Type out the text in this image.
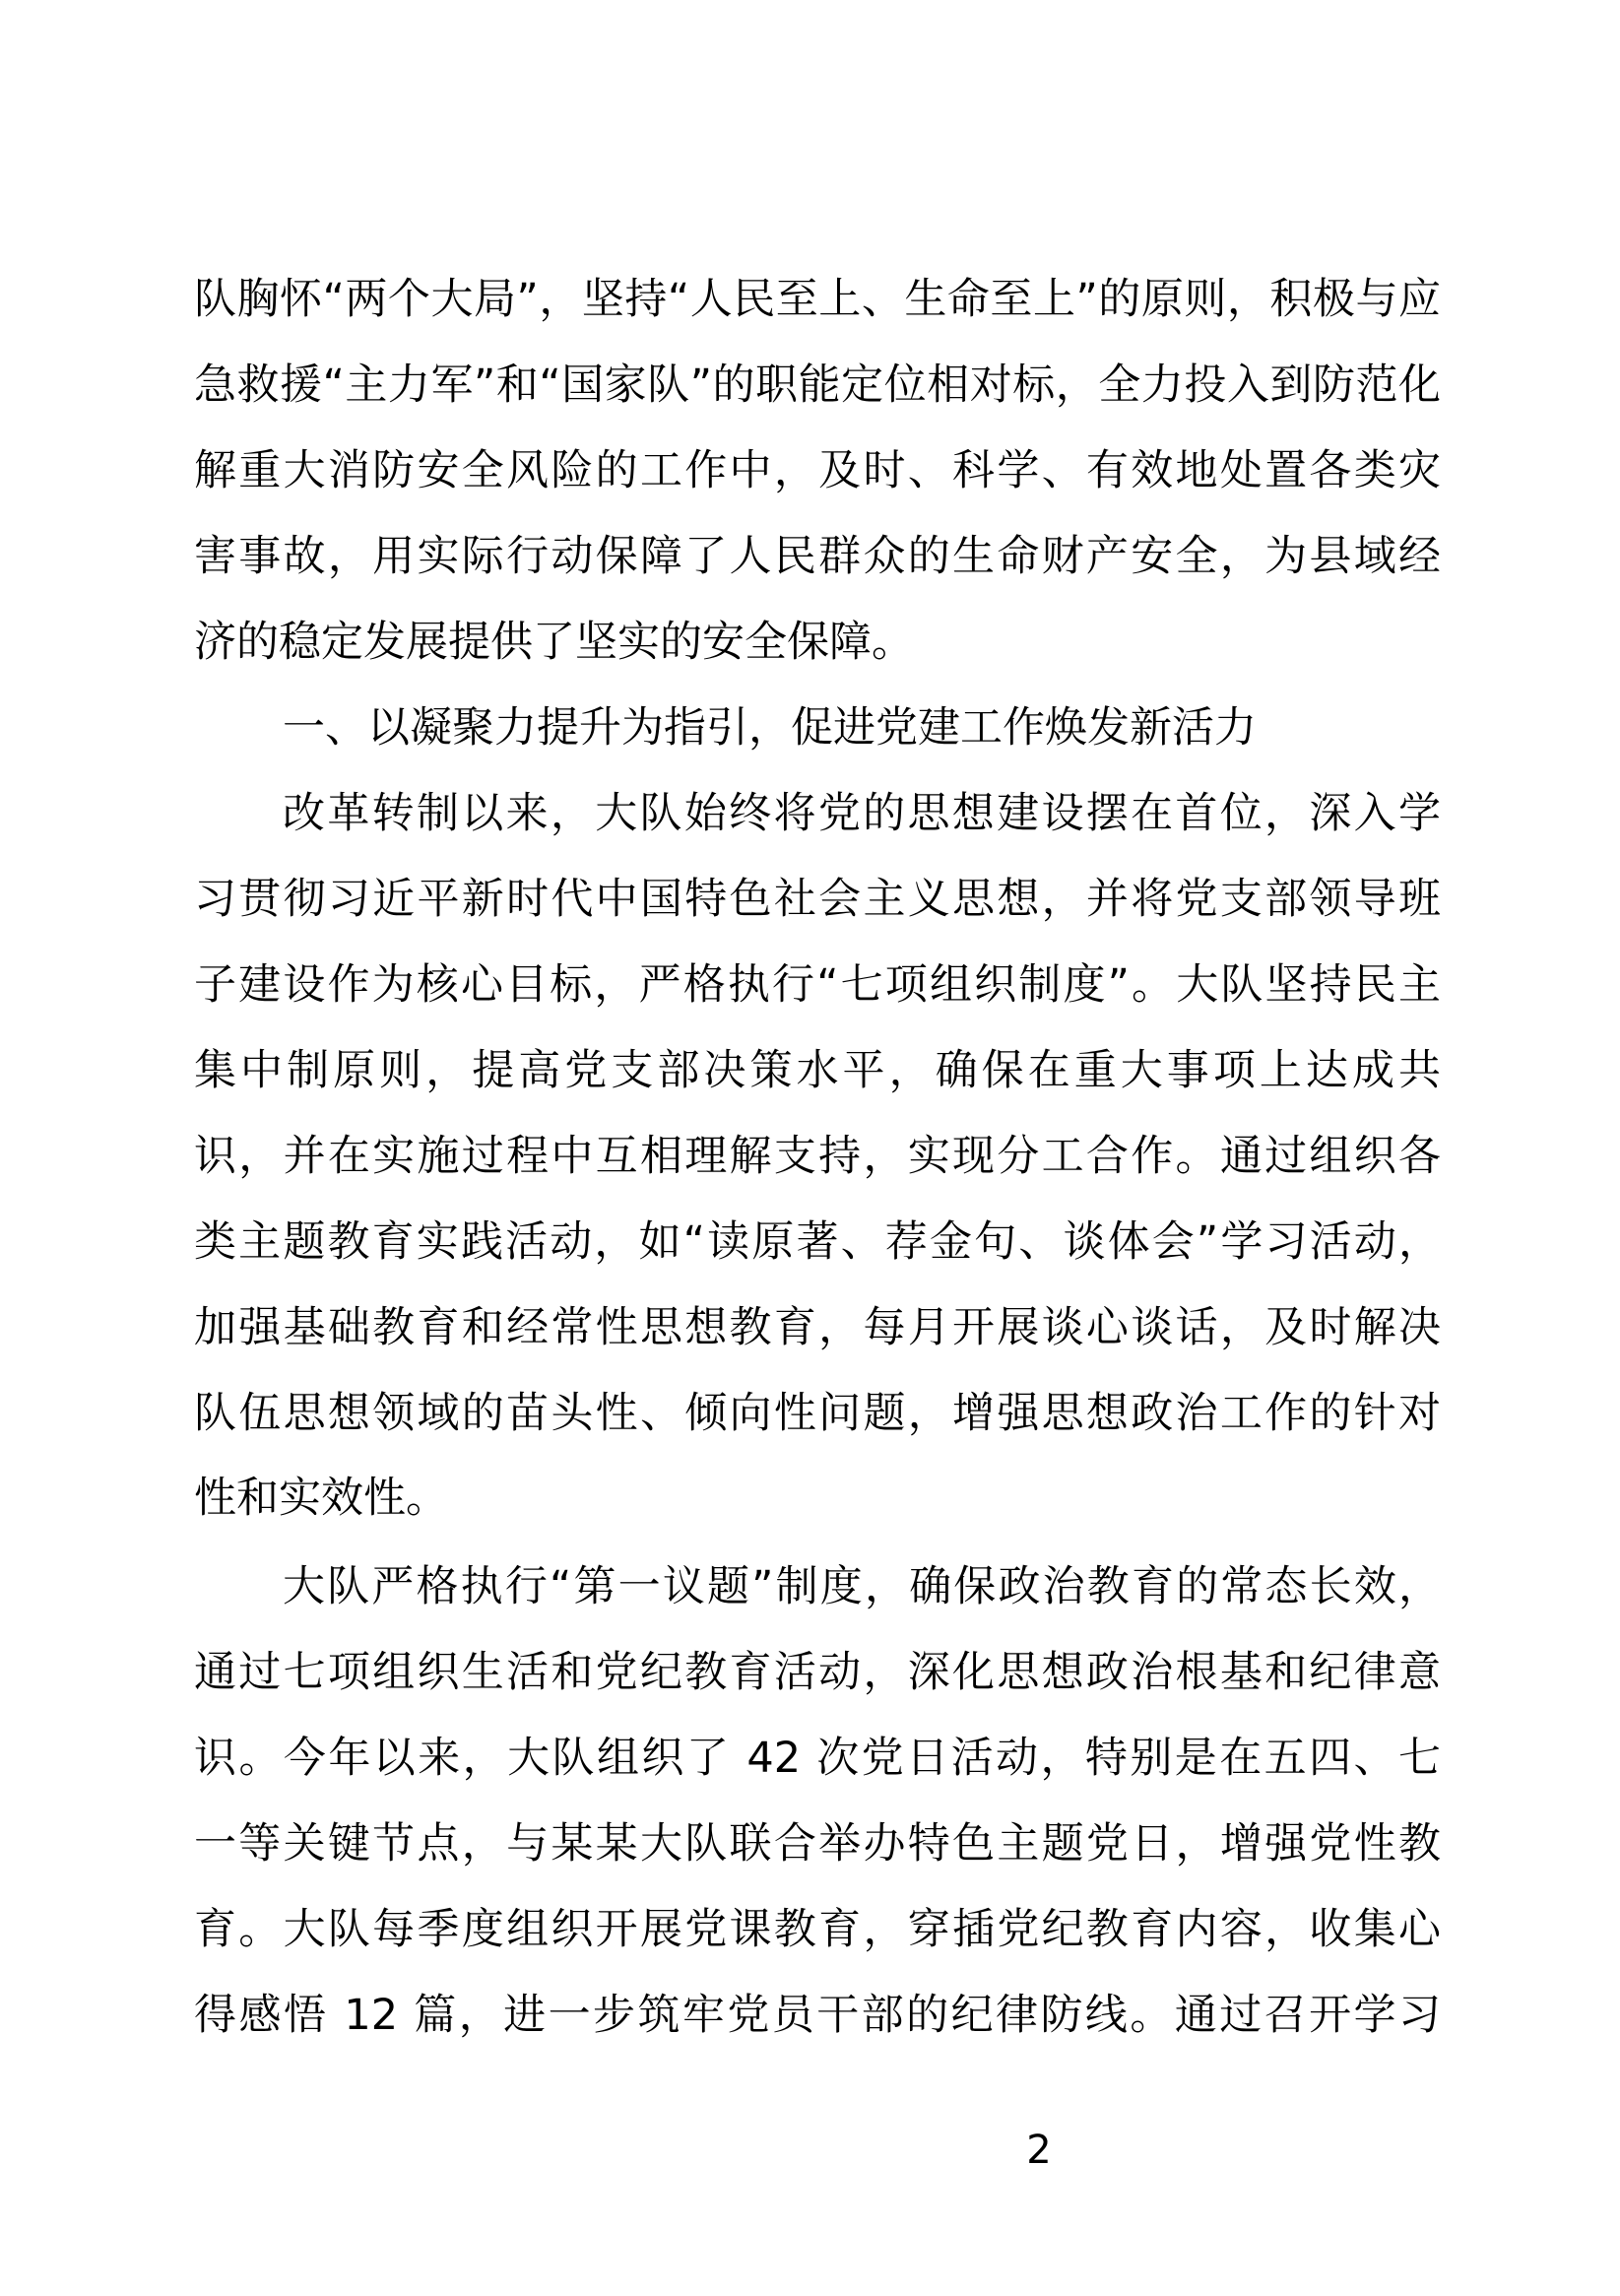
队胸怀“两个大局”，坚持“人民至上、生命至上”的原则，积极与应
急救援“主力军”和“国家队”的职能定位相对标，全力投入到防范化
解重大消防安全风险的工作中，及时、科学、有效地处置各类灾
害事故，用实际行动保障了人民群众的生命财产安全，为县域经
济的稳定发展提供了坚实的安全保障。
一、以凝聚力提升为指引，促进党建工作焕发新活力
改革转制以来，大队始终将党的思想建设摆在首位，深入学
习贯彻习近平新时代中国特色社会主义思想，并将党支部领导班
子建设作为核心目标，严格执行“七项组织制度”。大队坚持民主
集中制原则，提高党支部决策水平，确保在重大事项上达成共
识，并在实施过程中互相理解支持，实现分工合作。通过组织各
类主题教育实践活动，如“读原著、荐金句、谈体会”学习活动，
加强基础教育和经常性思想教育，每月开展谈心谈话，及时解决
队伍思想领域的苗头性、倾向性问题，增强思想政治工作的针对
性和实效性。
大队严格执行“第一议题”制度，确保政治教育的常态长效，
通过七项组织生活和党纪教育活动，深化思想政治根基和纪律意
识。今年以来，大队组织了 42 次党日活动，特别是在五四、七
一等关键节点，与某某大队联合举办特色主题党日，增强党性教
育。大队每季度组织开展党课教育，穿插党纪教育内容，收集心
得感悟 12 篇，进一步筑牢党员干部的纪律防线。通过召开学习
2
